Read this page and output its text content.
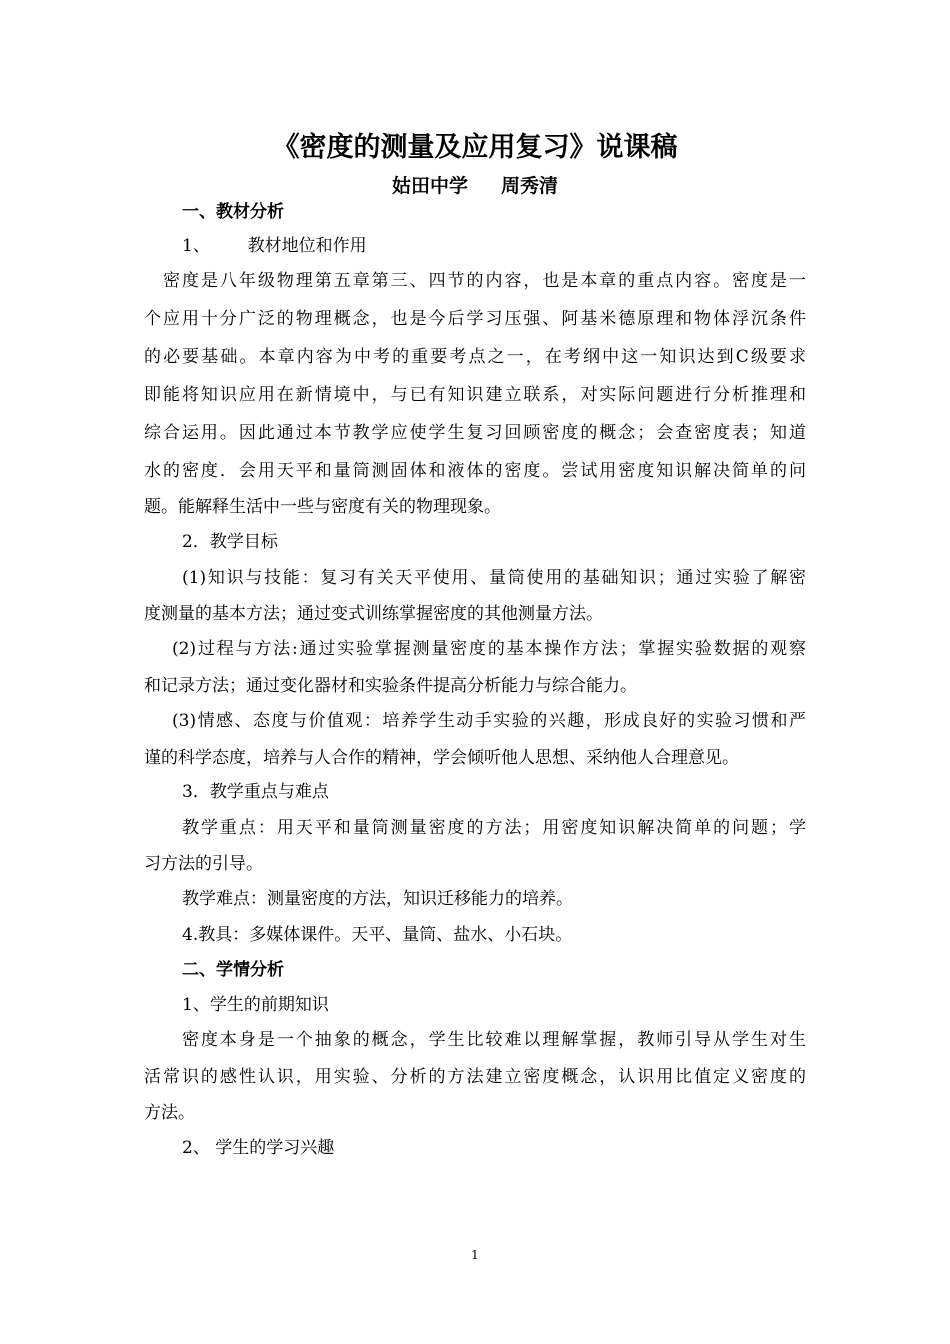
《密度的测量及应用复习》说课稿
姑田中学     周秀清
一、教材分析
1、       教材地位和作用
密度是八年级物理第五章第三、四节的内容，也是本章的重点内容。密度是一
个应用十分广泛的物理概念，也是今后学习压强、阿基米德原理和物体浮沉条件
的必要基础。本章内容为中考的重要考点之一，在考纲中这一知识达到C级要求
即能将知识应用在新情境中，与已有知识建立联系，对实际问题进行分析推理和
综合运用。因此通过本节教学应使学生复习回顾密度的概念；会查密度表；知道
水的密度．会用天平和量筒测固体和液体的密度。尝试用密度知识解决简单的问
题。能解释生活中一些与密度有关的物理现象。
2．教学目标
(1)知识与技能：复习有关天平使用、量筒使用的基础知识；通过实验了解密
度测量的基本方法；通过变式训练掌握密度的其他测量方法。
(2)过程与方法:通过实验掌握测量密度的基本操作方法；掌握实验数据的观察
和记录方法；通过变化器材和实验条件提高分析能力与综合能力。
(3)情感、态度与价值观：培养学生动手实验的兴趣，形成良好的实验习惯和严
谨的科学态度，培养与人合作的精神，学会倾听他人思想、采纳他人合理意见。
3．教学重点与难点
教学重点：用天平和量筒测量密度的方法；用密度知识解决简单的问题；学
习方法的引导。
教学难点：测量密度的方法，知识迁移能力的培养。
4.教具：多媒体课件。天平、量筒、盐水、小石块。
二、学情分析
1、学生的前期知识
密度本身是一个抽象的概念，学生比较难以理解掌握，教师引导从学生对生
活常识的感性认识，用实验、分析的方法建立密度概念，认识用比值定义密度的
方法。
2、 学生的学习兴趣
1
